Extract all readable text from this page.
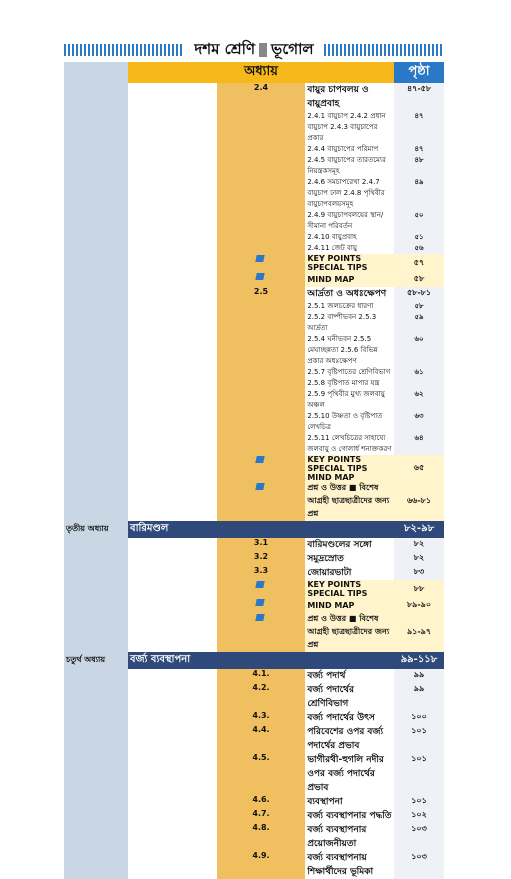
দশম শ্রেণি ভূগোল
	অধ্যায়			পৃষ্ঠা
		2.4	বায়ুর চাপবলয় ও বায়ুপ্রবাহ	৪৭-৫৮
			2.4.1 বায়ুচাপ 2.4.2 প্রধান বায়ুচাপ 2.4.3 বায়ুচাপের প্রকার	৪৭
			2.4.4 বায়ুচাপের পরিমাপ	৪৭
			2.4.5 বায়ুচাপের তারতম্যের নিয়ন্ত্রকসমূহ	৪৮
			2.4.6 সমচাপরেখা 2.4.7 বায়ুচাপ ঢাল 2.4.8 পৃথিবীর বায়ুচাপবলয়সমূহ	৪৯
			2.4.9 বায়ুচাপবলয়ের স্থান/সীমানা পরিবর্তন	৫০
			2.4.10 বায়ুপ্রবাহ	৫১
			2.4.11 জেট বায়ু	৫৬
			KEY POINTS SPECIAL TIPS	৫৭
			MIND MAP	৫৮
		2.5	আর্দ্রতা ও অধঃক্ষেপণ	৫৮-৮১
			2.5.1 জলচক্রের ধারণা	৫৮
			2.5.2 বাষ্পীভবন 2.5.3 আর্দ্রতা	৫৯
			2.5.4 ঘনীভবন 2.5.5 মেঘাচ্ছন্নতা 2.5.6 বিভিন্ন প্রকার অধঃক্ষেপণ	৬০
			2.5.7 বৃষ্টিপাতের শ্রেণিবিভাগ 2.5.8 বৃষ্টিপাত মাপার যন্ত্র	৬১
			2.5.9 পৃথিবীর মুখ্য জলবায়ু অঞ্চল	৬২
			2.5.10 উষ্ণতা ও বৃষ্টিপাত লেখচিত্র	৬৩
			2.5.11 লেখচিত্রের সাহায্যে জলবায়ু ও গোলার্ধ শনাক্তকরণ	৬৪
			KEY POINTS SPECIAL TIPS MIND MAP	৬৫
			প্রশ্ন ও উত্তর ■ বিশেষ আগ্রহী ছাত্রছাত্রীদের জন্য প্রশ্ন	৬৬-৮১
তৃতীয় অধ্যায়	বারিমণ্ডল			৮২-৯৮
		3.1	বারিমণ্ডলের সঙ্গো	৮২
		3.2	সমুদ্রস্রোত	৮২
		3.3	জোয়ারভাটা	৮৩
			KEY POINTS SPECIAL TIPS	৮৮
			MIND MAP	৮৯-৯০
			প্রশ্ন ও উত্তর ■ বিশেষ আগ্রহী ছাত্রছাত্রীদের জন্য প্রশ্ন	৯১-৯৭
চতুর্থ অধ্যায়	বর্জ্য ব্যবস্থাপনা			৯৯-১১৮
		4.1.	বর্জ্য পদার্থ	৯৯
		4.2.	বর্জ্য পদার্থের শ্রেণিবিভাগ	৯৯
		4.3.	বর্জ্য পদার্থের উৎস	১০০
		4.4.	পরিবেশের ওপর বর্জ্য পদার্থের প্রভাব	১০১
		4.5.	ভাগীরথী-হুগলি নদীর ওপর বর্জ্য পদার্থের প্রভাব	১০১
		4.6.	ব্যবস্থাপনা	১০১
		4.7.	বর্জ্য ব্যবস্থাপনার পদ্ধতি	১০২
		4.8.	বর্জ্য ব্যবস্থাপনার প্রয়োজনীয়তা	১০৩
		4.9.	বর্জ্য ব্যবস্থাপনায় শিক্ষার্থীদের ভূমিকা	১০৩
